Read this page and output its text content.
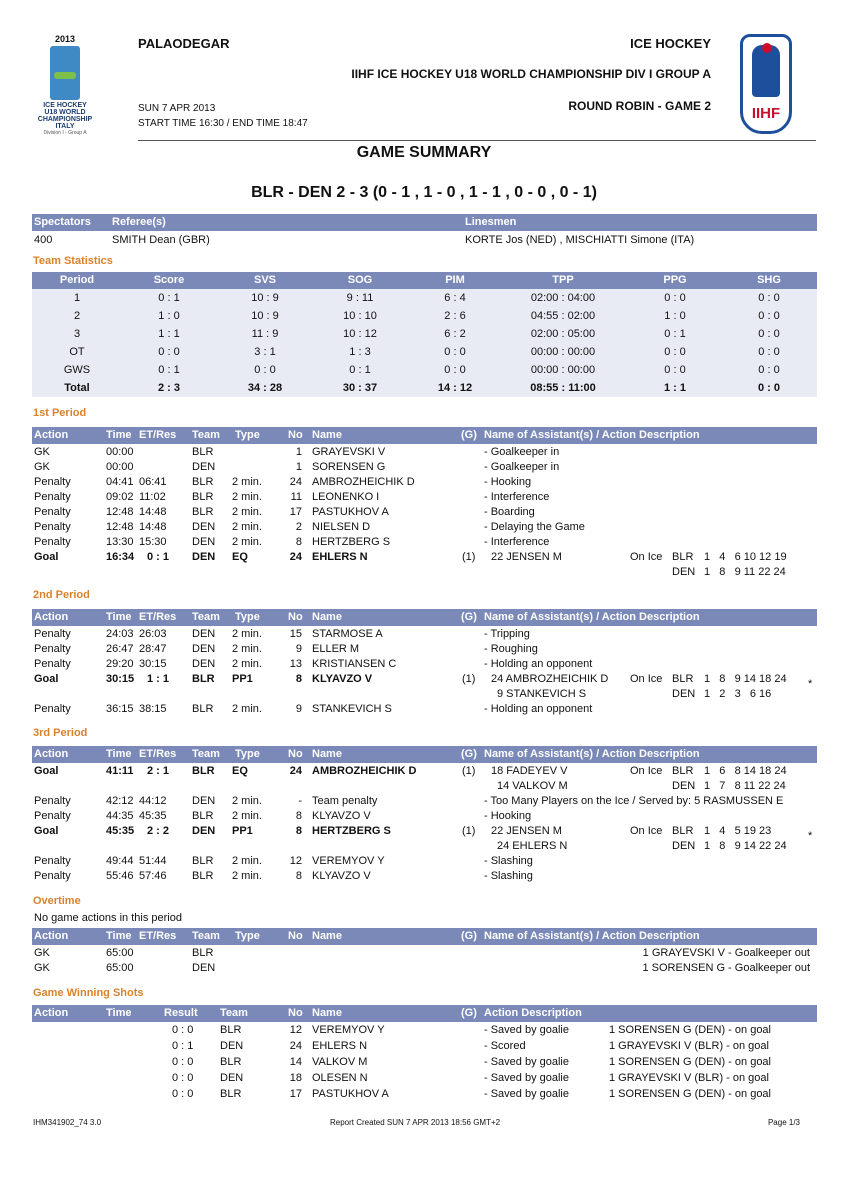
2013
ICE HOCKEY
U18 WORLD
CHAMPIONSHIP
ITALY
Division I - Group A
PALAODEGAR
SUN 7 APR 2013
START TIME 16:30 / END TIME 18:47
ICE HOCKEY
IIHF ICE HOCKEY U18 WORLD CHAMPIONSHIP DIV I GROUP A
ROUND ROBIN - GAME 2	IIHF
GAME SUMMARY
BLR - DEN 2 - 3 (0 - 1 , 1 - 0 , 1 - 1 , 0 - 0 , 0 - 1)
Spectators Referee(s)	Linesmen
400	SMITH Dean (GBR)	KORTE Jos (NED) , MISCHIATTI Simone (ITA)
Team Statistics
Period	Score	SVS	SOG	PIM	TPP	PPG	SHG
1	0 : 1	10 : 9	9 : 11	6 : 4	02:00 : 04:00	0 : 0	0 : 0
2	1 : 0	10 : 9	10 : 10	2 : 6	04:55 : 02:00	1 : 0	0 : 0
3	1 : 1	11 : 9	10 : 12	6 : 2	02:00 : 05:00	0 : 1	0 : 0
OT	0 : 0	3 : 1	1 : 3	0 : 0	00:00 : 00:00	0 : 0	0 : 0
GWS	0 : 1	0 : 0	0 : 1	0 : 0	00:00 : 00:00	0 : 0	0 : 0
Total	2 : 3	34 : 28	30 : 37	14 : 12	08:55 : 11:00	1 : 1	0 : 0
1st Period
Action	Time ET/Res Team Type	No Name	(G) Name of Assistant(s) / Action Description
GK	00:00	BLR	1 GRAYEVSKI V	- Goalkeeper in
GK	00:00	DEN	1 SORENSEN G	- Goalkeeper in
Penalty	04:41 06:41 BLR 2 min.	24 AMBROZHEICHIK D	- Hooking
Penalty	09:02 11:02 BLR 2 min.	11 LEONENKO I	- Interference
Penalty	12:48 14:48 BLR 2 min.	17 PASTUKHOV A	- Boarding
Penalty	12:48 14:48 DEN 2 min.	2 NIELSEN D	- Delaying the Game
Penalty	13:30 15:30 DEN 2 min.	8 HERTZBERG S	- Interference
Goal	16:34 0 : 1 DEN EQ	24 EHLERS N	(1) 22 JENSEN M	On Ice BLR 1   4   6 10 12 19
DEN 1   8   9 11 22 24
2nd Period
Action	Time ET/Res Team Type	No Name	(G) Name of Assistant(s) / Action Description
Penalty	24:03 26:03 DEN 2 min.	15 STARMOSE A	- Tripping
Penalty	26:47 28:47 DEN 2 min.	9 ELLER M	- Roughing
Penalty	29:20 30:15 DEN 2 min.	13 KRISTIANSEN C	- Holding an opponent
Goal	30:15 1 : 1 BLR PP1	8 KLYAVZO V	(1) 24 AMBROZHEICHIK D On Ice BLR 1   8   9 14 18 24 *
9 STANKEVICH S	DEN 1   2   3   6 16
Penalty	36:15 38:15 BLR 2 min.	9 STANKEVICH S	- Holding an opponent
3rd Period
Action	Time ET/Res Team Type	No Name	(G) Name of Assistant(s) / Action Description
Goal	41:11 2 : 1 BLR EQ	24 AMBROZHEICHIK D	(1) 18 FADEYEV V	On Ice BLR 1   6   8 14 18 24
14 VALKOV M	DEN 1   7   8 11 22 24
Penalty	42:12 44:12 DEN 2 min.	- Team penalty	- Too Many Players on the Ice / Served by: 5 RASMUSSEN E
Penalty	44:35 45:35 BLR 2 min.	8 KLYAVZO V	- Hooking
Goal	45:35 2 : 2 DEN PP1	8 HERTZBERG S	(1) 22 JENSEN M	On Ice BLR 1   4   5 19 23	*
24 EHLERS N	DEN 1   8   9 14 22 24
Penalty	49:44 51:44 BLR 2 min.	12 VEREMYOV Y	- Slashing
Penalty	55:46 57:46 BLR 2 min.	8 KLYAVZO V	- Slashing
Overtime
No game actions in this period
Action	Time ET/Res Team Type	No Name	(G) Name of Assistant(s) / Action Description
GK	65:00	BLR	1 GRAYEVSKI V - Goalkeeper out
GK	65:00	DEN	1 SORENSEN G - Goalkeeper out
Game Winning Shots
Action	Time	Result Team	No Name	(G) Action Description
0 : 0 BLR	12 VEREMYOV Y	- Saved by goalie	1 SORENSEN G (DEN) - on goal
0 : 1 DEN	24 EHLERS N	- Scored	1 GRAYEVSKI V (BLR) - on goal
0 : 0 BLR	14 VALKOV M	- Saved by goalie	1 SORENSEN G (DEN) - on goal
0 : 0 DEN	18 OLESEN N	- Saved by goalie	1 GRAYEVSKI V (BLR) - on goal
0 : 0 BLR	17 PASTUKHOV A	- Saved by goalie	1 SORENSEN G (DEN) - on goal
IHM341902_74 3.0	Report Created SUN 7 APR 2013 18:56 GMT+2	Page 1/3
